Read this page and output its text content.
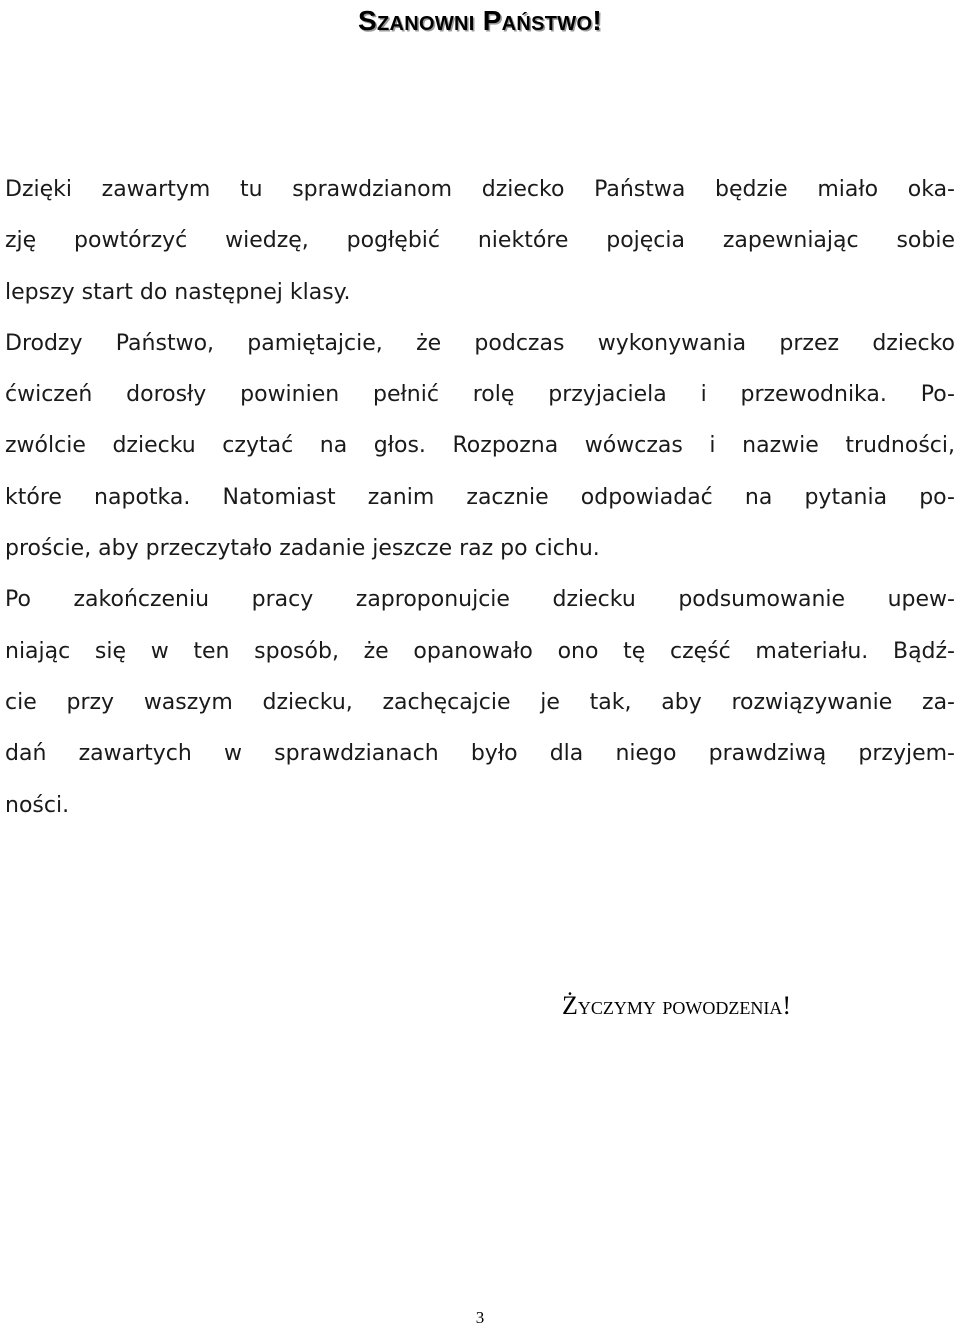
Szanowni Państwo!
Dzięki zawartym tu sprawdzianom dziecko Państwa będzie miało oka-
zję powtórzyć wiedzę, pogłębić niektóre pojęcia zapewniając sobie
lepszy start do następnej klasy.
Drodzy Państwo, pamiętajcie, że podczas wykonywania przez dziecko
ćwiczeń dorosły powinien pełnić rolę przyjaciela i przewodnika. Po-
zwólcie dziecku czytać na głos. Rozpozna wówczas i nazwie trudności,
które napotka. Natomiast zanim zacznie odpowiadać na pytania po-
proście, aby przeczytało zadanie jeszcze raz po cichu.
Po zakończeniu pracy zaproponujcie dziecku podsumowanie upew-
niając się w ten sposób, że opanowało ono tę część materiału. Bądź-
cie przy waszym dziecku, zachęcajcie je tak, aby rozwiązywanie za-
dań zawartych w sprawdzianach było dla niego prawdziwą przyjem-
ności.
Życzymy powodzenia!
3
